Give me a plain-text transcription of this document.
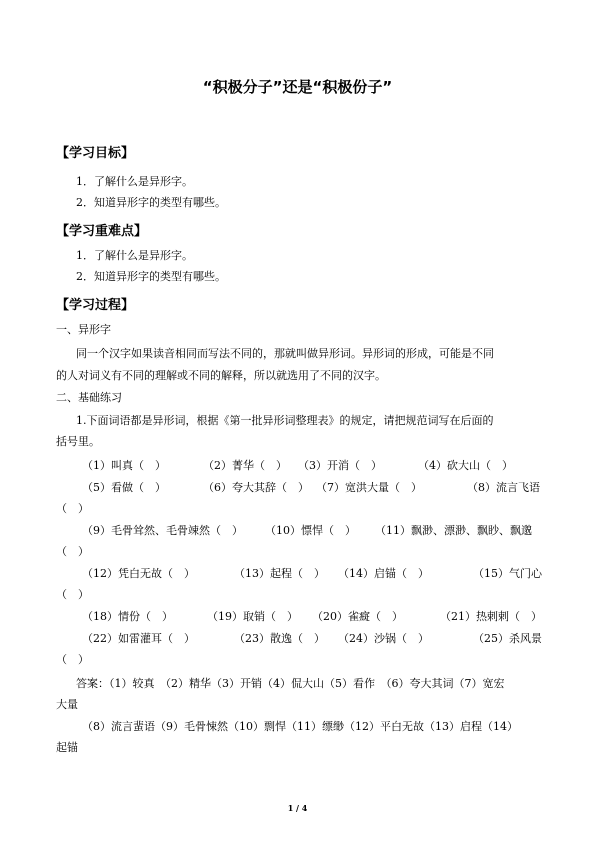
“积极分子”还是“积极份子”
【学习目标】
1．了解什么是异形字。
2．知道异形字的类型有哪些。
【学习重难点】
1．了解什么是异形字。
2．知道异形字的类型有哪些。
【学习过程】
一、异形字
同一个汉字如果读音相同而写法不同的，那就叫做异形词。异形词的形成，可能是不同
的人对词义有不同的理解或不同的解释，所以就选用了不同的汉字。
二、基础练习
1.下面词语都是异形词，根据《第一批异形词整理表》的规定，请把规范词写在后面的
括号里。
（1）叫真（　）	（2）菁华（　） （3）开消（　）	（4）砍大山（　）
（5）看做（　）	（6）夸大其辞（　） （7）宽洪大量（　）	（8）流言飞语
（　）
（9）毛骨耸然、毛骨竦然（　） （10）慓悍（　） （11）飘渺、漂渺、飘眇、飘邈
（　）
（12）凭白无故（　）	（13）起程（　） （14）启锚（　）	（15）气门心
（　）
（18）情份（　）	（19）取销（　） （20）雀癍（　）	（21）热剌剌（　）
（22）如雷灌耳（　）	（23）散逸（　） （24）沙锅（　）	（25）杀风景
（　）
答案：（1）较真　（2）精华（3）开销（4）侃大山（5）看作　（6）夸大其词（7）宽宏
大量
（8）流言蜚语（9）毛骨悚然（10）剽悍（11）缥缈（12）平白无故（13）启程（14）
起锚
1 / 4
